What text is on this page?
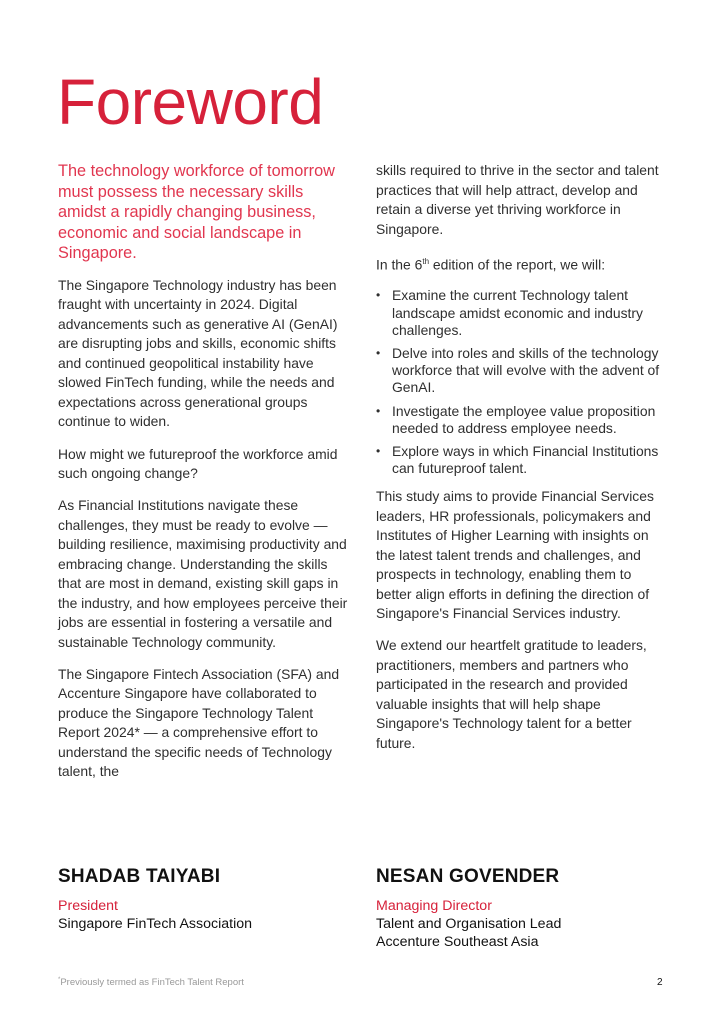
Foreword

The technology workforce of tomorrow must possess the necessary skills amidst a rapidly changing business, economic and social landscape in Singapore.

The Singapore Technology industry has been fraught with uncertainty in 2024. Digital advancements such as generative AI (GenAI) are disrupting jobs and skills, economic shifts and continued geopolitical instability have slowed FinTech funding, while the needs and expectations across generational groups continue to widen.

How might we futureproof the workforce amid such ongoing change?

As Financial Institutions navigate these challenges, they must be ready to evolve — building resilience, maximising productivity and embracing change. Understanding the skills that are most in demand, existing skill gaps in the industry, and how employees perceive their jobs are essential in fostering a versatile and sustainable Technology community.

The Singapore Fintech Association (SFA) and Accenture Singapore have collaborated to produce the Singapore Technology Talent Report 2024* — a comprehensive effort to understand the specific needs of Technology talent, the

skills required to thrive in the sector and talent practices that will help attract, develop and retain a diverse yet thriving workforce in Singapore.

In the 6th edition of the report, we will:

• Examine the current Technology talent landscape amidst economic and industry challenges.
• Delve into roles and skills of the technology workforce that will evolve with the advent of GenAI.
• Investigate the employee value proposition needed to address employee needs.
• Explore ways in which Financial Institutions can futureproof talent.

This study aims to provide Financial Services leaders, HR professionals, policymakers and Institutes of Higher Learning with insights on the latest talent trends and challenges, and prospects in technology, enabling them to better align efforts in defining the direction of Singapore's Financial Services industry.

We extend our heartfelt gratitude to leaders, practitioners, members and partners who participated in the research and provided valuable insights that will help shape Singapore's Technology talent for a better future.

SHADAB TAIYABI

President

Singapore FinTech Association

NESAN GOVENDER

Managing Director

Talent and Organisation Lead

Accenture Southeast Asia

*Previously termed as FinTech Talent Report	2
